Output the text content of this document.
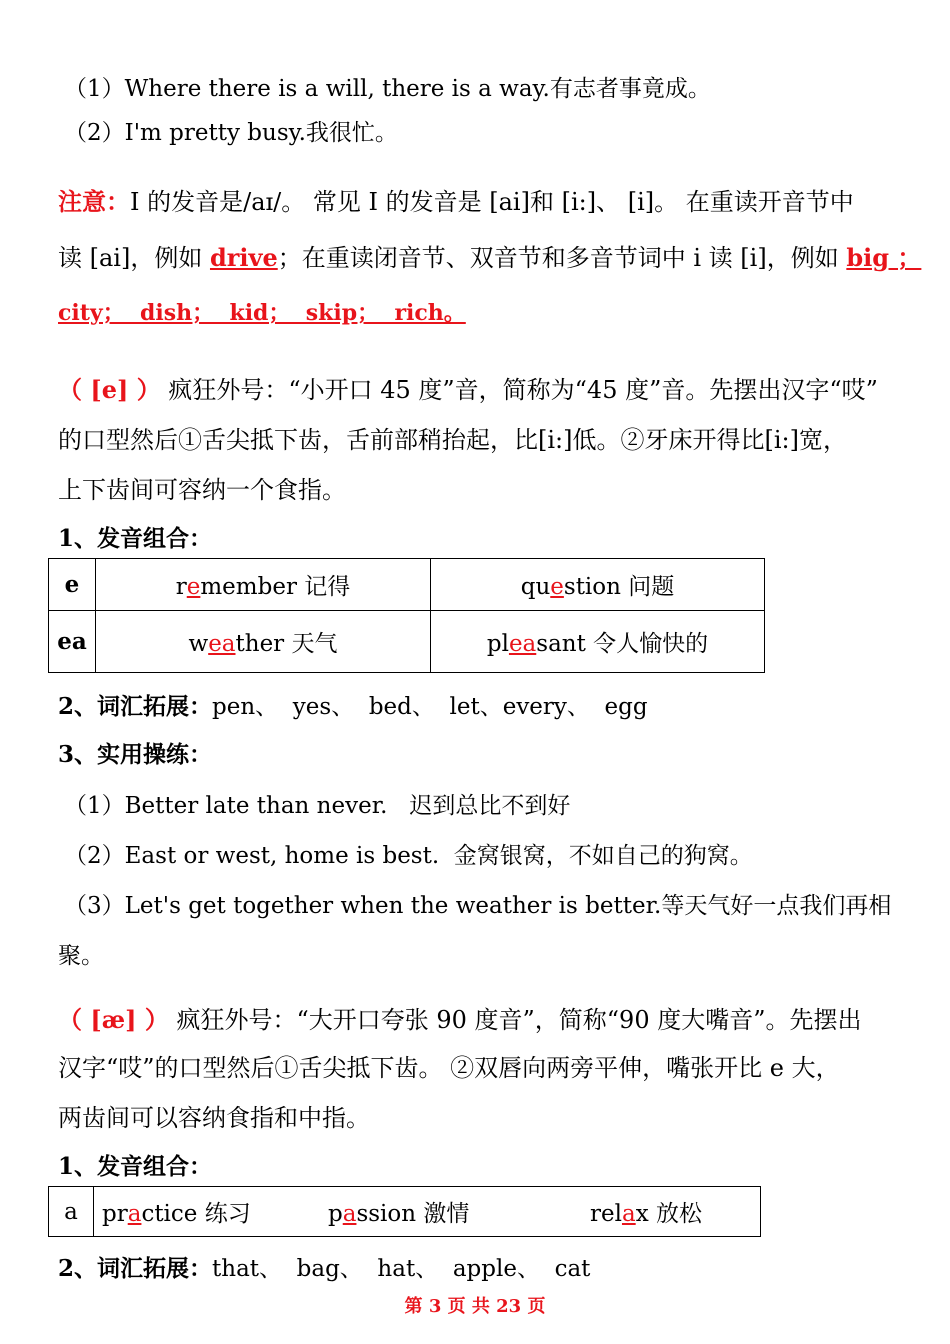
（1）Where there is a will, there is a way.有志者事竟成。
（2）I'm pretty busy.我很忙。
注意：I 的发音是/aɪ/。 常见 I 的发音是 [ai]和 [i:]、 [i]。 在重读开音节中
读 [ai]，例如 drive；在重读闭音节、双音节和多音节词中 i 读 [i]，例如 big ；
city；  dish；  kid；  skip；  rich。
（ [e] ） 疯狂外号：“小开口 45 度”音，简称为“45 度”音。先摆出汉字“哎”
的口型然后①舌尖抵下齿，舌前部稍抬起，比[i:]低。②牙床开得比[i:]宽，
上下齿间可容纳一个食指。
1、发音组合：
e	remember 记得	question 问题
ea	weather 天气	pleasant 令人愉快的
2、词汇拓展：pen、  yes、  bed、  let、every、  egg
3、实用操练：
（1）Better late than never.   迟到总比不到好
（2）East or west, home is best.  金窝银窝，不如自己的狗窝。
（3）Let's get together when the weather is better.等天气好一点我们再相
聚。
（ [æ] ） 疯狂外号：“大开口夸张 90 度音”，简称“90 度大嘴音”。先摆出
汉字“哎”的口型然后①舌尖抵下齿。 ②双唇向两旁平伸，嘴张开比 e 大，
两齿间可以容纳食指和中指。
1、发音组合：
a	practice 练习	passion 激情	relax 放松
2、词汇拓展：that、  bag、  hat、  apple、  cat
第 3 页 共 23 页
